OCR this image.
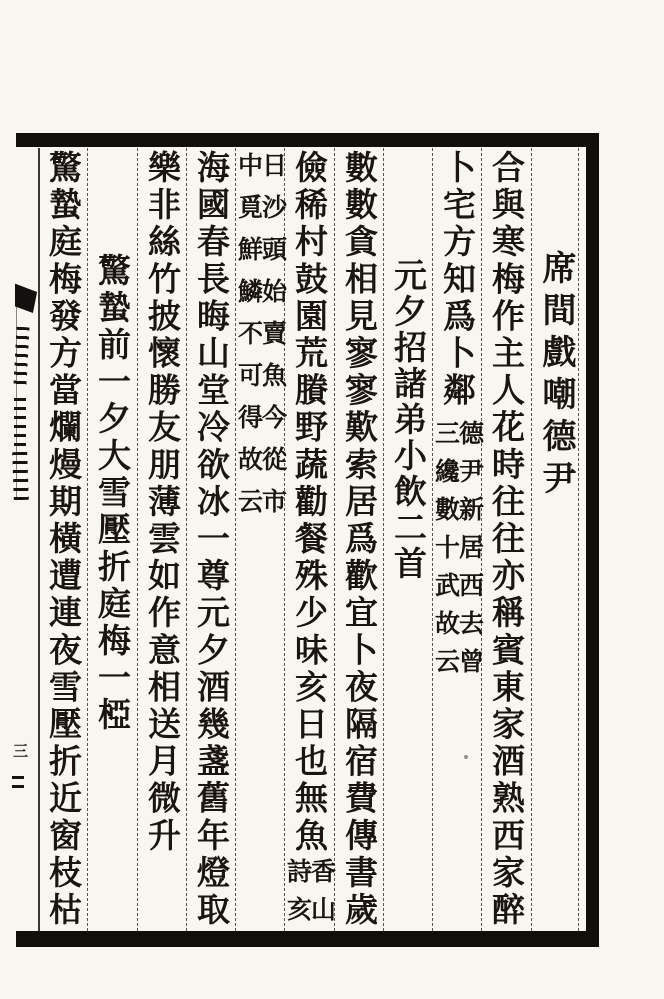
三
席間戲嘲德尹
合與寒梅作主人花時往往亦稱賓東家酒熟西家醉
卜宅方知爲卜鄰
德尹新居西去曾
三纔數十武故云
元夕招諸弟小飲二首
數數貪相見寥寥歎索居爲歡宜卜夜隔宿費傳書歲
儉稀村鼓園荒賸野蔬勸餐殊少味亥日也無魚
香山
詩亥
日沙頭始賣魚今從市
中覓鮮鱗不可得故云
海國春長晦山堂冷欲冰一尊元夕酒幾盞舊年燈取
樂非絲竹披懷勝友朋薄雲如作意相送月微升
驚蟄前一夕大雪壓折庭梅一椏
驚蟄庭梅發方當爛熳期橫遭連夜雪壓折近窗枝枯
